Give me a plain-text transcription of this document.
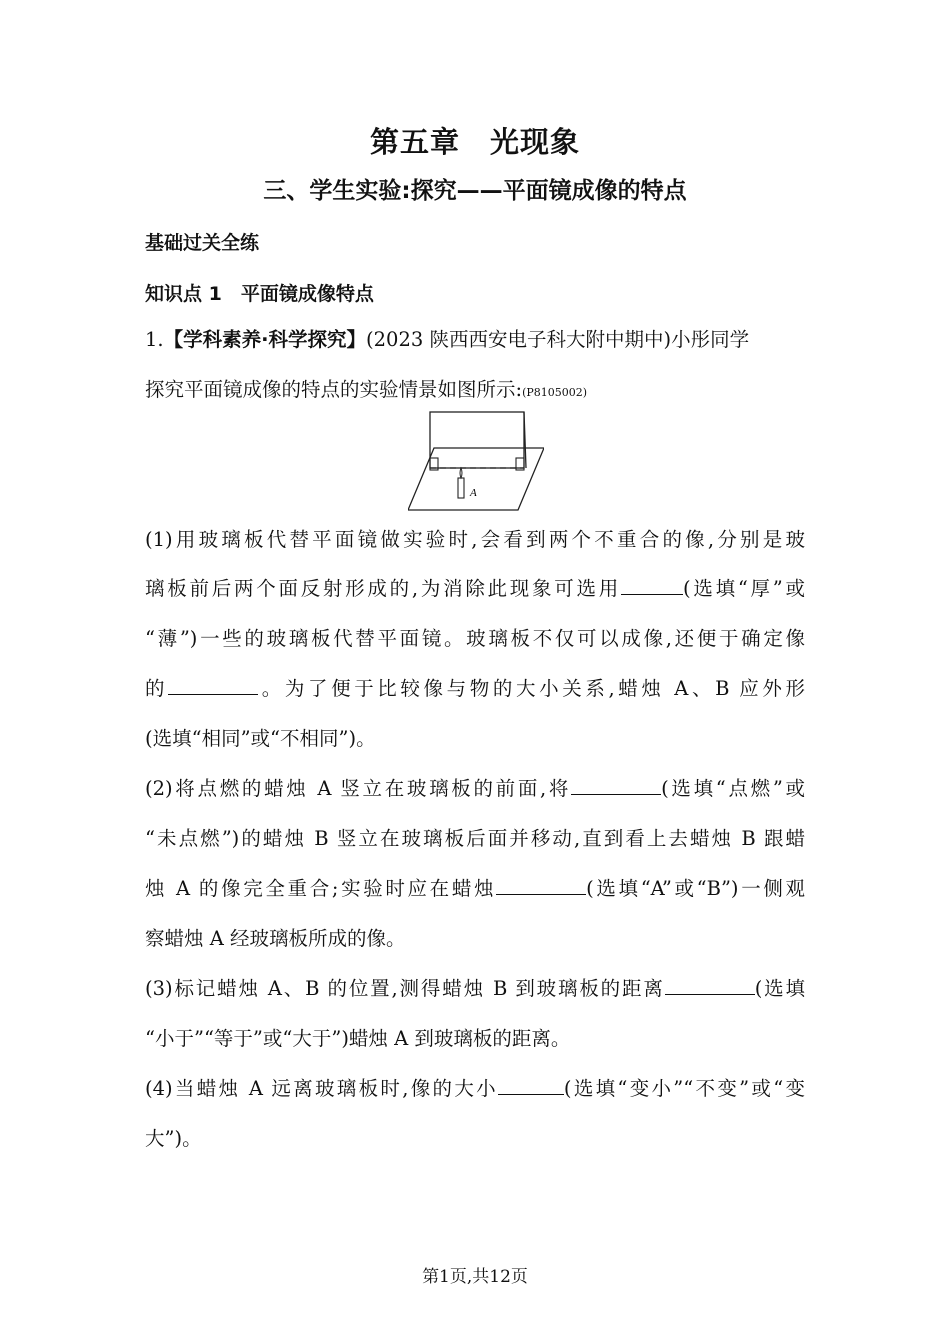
第五章　光现象
三、学生实验:探究——平面镜成像的特点
基础过关全练
知识点 1　平面镜成像特点
1.【学科素养·科学探究】(2023 陕西西安电子科大附中期中)小彤同学
探究平面镜成像的特点的实验情景如图所示:(P8105002)
A
(1)用玻璃板代替平面镜做实验时,会看到两个不重合的像,分别是玻
璃板前后两个面反射形成的,为消除此现象可选用	(选填“厚”或
“薄”)一些的玻璃板代替平面镜。玻璃板不仅可以成像,还便于确定像
的	。为了便于比较像与物的大小关系,蜡烛 A、B 应外形
(选填“相同”或“不相同”)。
(2)将点燃的蜡烛 A 竖立在玻璃板的前面,将	(选填“点燃”或
“未点燃”)的蜡烛 B 竖立在玻璃板后面并移动,直到看上去蜡烛 B 跟蜡
烛 A 的像完全重合;实验时应在蜡烛	(选填“A”或“B”)一侧观
察蜡烛 A 经玻璃板所成的像。
(3)标记蜡烛 A、B 的位置,测得蜡烛 B 到玻璃板的距离	(选填
“小于”“等于”或“大于”)蜡烛 A 到玻璃板的距离。
(4)当蜡烛 A 远离玻璃板时,像的大小	(选填“变小”“不变”或“变
大”)。
第1页,共12页
